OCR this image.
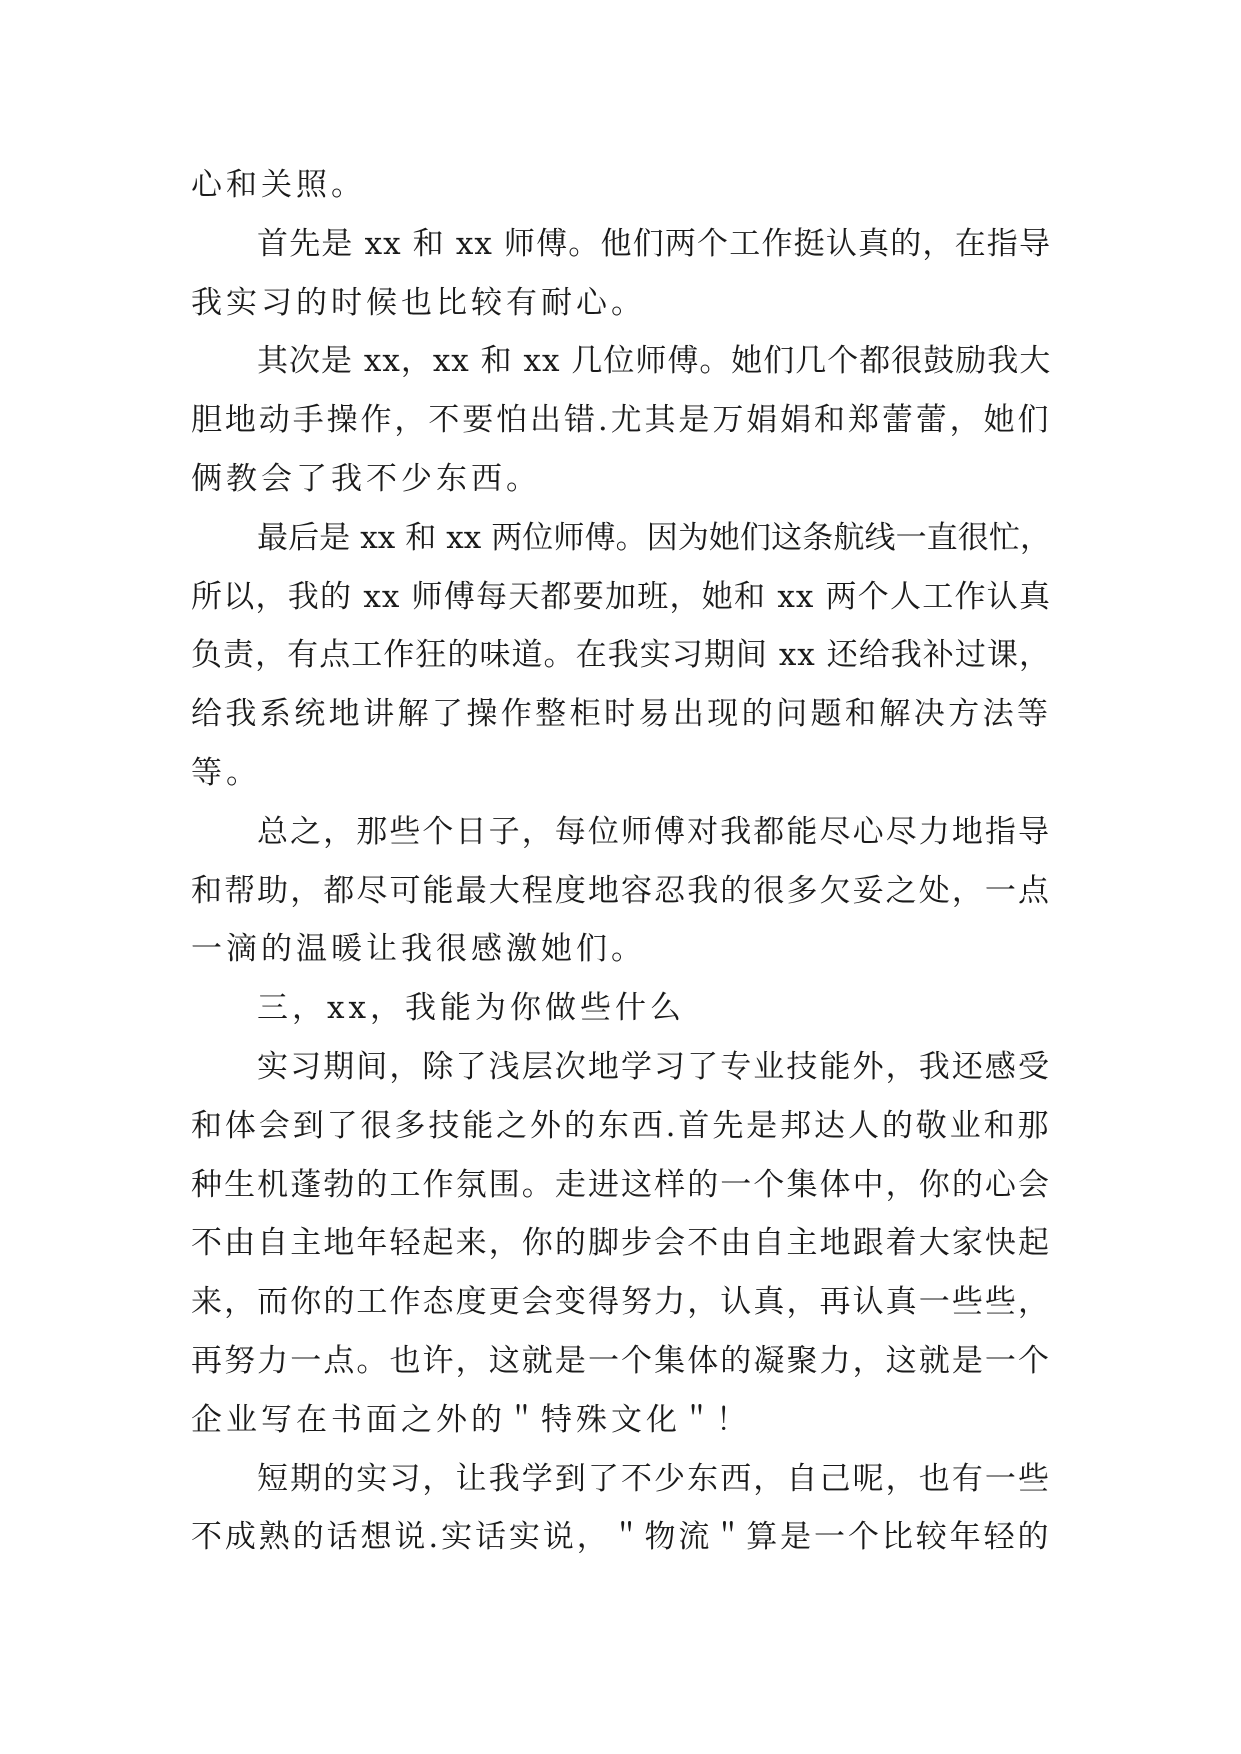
心和关照。
首先是 xx 和 xx 师傅。他们两个工作挺认真的，在指导
我实习的时候也比较有耐心。
其次是 xx，xx 和 xx 几位师傅。她们几个都很鼓励我大
胆地动手操作，不要怕出错.尤其是万娟娟和郑蕾蕾，她们
俩教会了我不少东西。
最后是 xx 和 xx 两位师傅。因为她们这条航线一直很忙，
所以，我的 xx 师傅每天都要加班，她和 xx 两个人工作认真
负责，有点工作狂的味道。在我实习期间 xx 还给我补过课，
给我系统地讲解了操作整柜时易出现的问题和解决方法等
等。
总之，那些个日子，每位师傅对我都能尽心尽力地指导
和帮助，都尽可能最大程度地容忍我的很多欠妥之处，一点
一滴的温暖让我很感激她们。
三，xx，我能为你做些什么
实习期间，除了浅层次地学习了专业技能外，我还感受
和体会到了很多技能之外的东西.首先是邦达人的敬业和那
种生机蓬勃的工作氛围。走进这样的一个集体中，你的心会
不由自主地年轻起来，你的脚步会不由自主地跟着大家快起
来，而你的工作态度更会变得努力，认真，再认真一些些，
再努力一点。也许，这就是一个集体的凝聚力，这就是一个
企业写在书面之外的＂特殊文化＂！
短期的实习，让我学到了不少东西，自己呢，也有一些
不成熟的话想说.实话实说，＂物流＂算是一个比较年轻的
